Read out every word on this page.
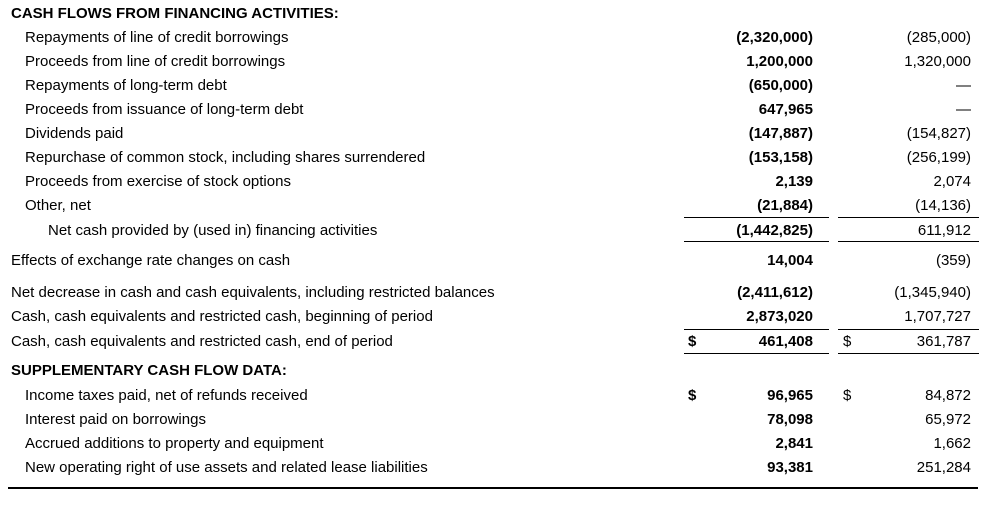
CASH FLOWS FROM FINANCING ACTIVITIES:
Repayments of line of credit borrowings	(2,320,000)	(285,000)
Proceeds from line of credit borrowings	1,200,000	1,320,000
Repayments of long-term debt	(650,000)	—
Proceeds from issuance of long-term debt	647,965	—
Dividends paid	(147,887)	(154,827)
Repurchase of common stock, including shares surrendered	(153,158)	(256,199)
Proceeds from exercise of stock options	2,139	2,074
Other, net	(21,884)	(14,136)
Net cash provided by (used in) financing activities	(1,442,825)	611,912
Effects of exchange rate changes on cash	14,004	(359)
Net decrease in cash and cash equivalents, including restricted balances	(2,411,612)	(1,345,940)
Cash, cash equivalents and restricted cash, beginning of period	2,873,020	1,707,727
Cash, cash equivalents and restricted cash, end of period	$	461,408 $	361,787
SUPPLEMENTARY CASH FLOW DATA:
Income taxes paid, net of refunds received	$	96,965 $	84,872
Interest paid on borrowings	78,098	65,972
Accrued additions to property and equipment	2,841	1,662
New operating right of use assets and related lease liabilities	93,381	251,284
